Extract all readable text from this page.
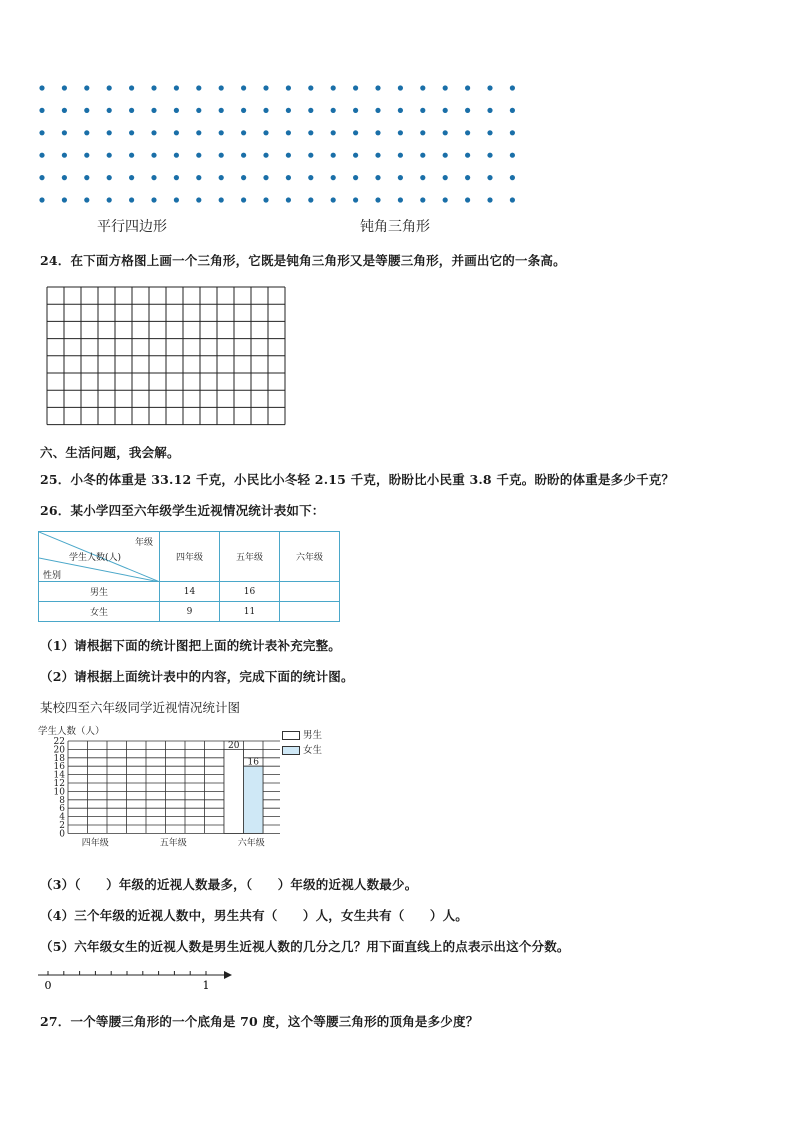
平行四边形	钝角三角形
24．在下面方格图上画一个三角形，它既是钝角三角形又是等腰三角形，并画出它的一条高。
六、生活问题，我会解。
25．小冬的体重是 33.12 千克，小民比小冬轻 2.15 千克，盼盼比小民重 3.8 千克。盼盼的体重是多少千克？
26．某小学四至六年级学生近视情况统计表如下：
年级
学生人数(人)
性别	四年级	五年级	六年级
男生	14	16	
女生	9	11	
（1）请根据下面的统计图把上面的统计表补充完整。
（2）请根据上面统计表中的内容，完成下面的统计图。
某校四至六年级同学近视情况统计图
学生人数（人）
0
2
4
6
8
10
12
14
16
18
20
22
四年级	五年级	六年级
20
16
男生
女生
（3）（　　）年级的近视人数最多，（　　）年级的近视人数最少。
（4）三个年级的近视人数中，男生共有（　　）人，女生共有（　　）人。
（5）六年级女生的近视人数是男生近视人数的几分之几？用下面直线上的点表示出这个分数。
0	1
27．一个等腰三角形的一个底角是 70 度，这个等腰三角形的顶角是多少度？
